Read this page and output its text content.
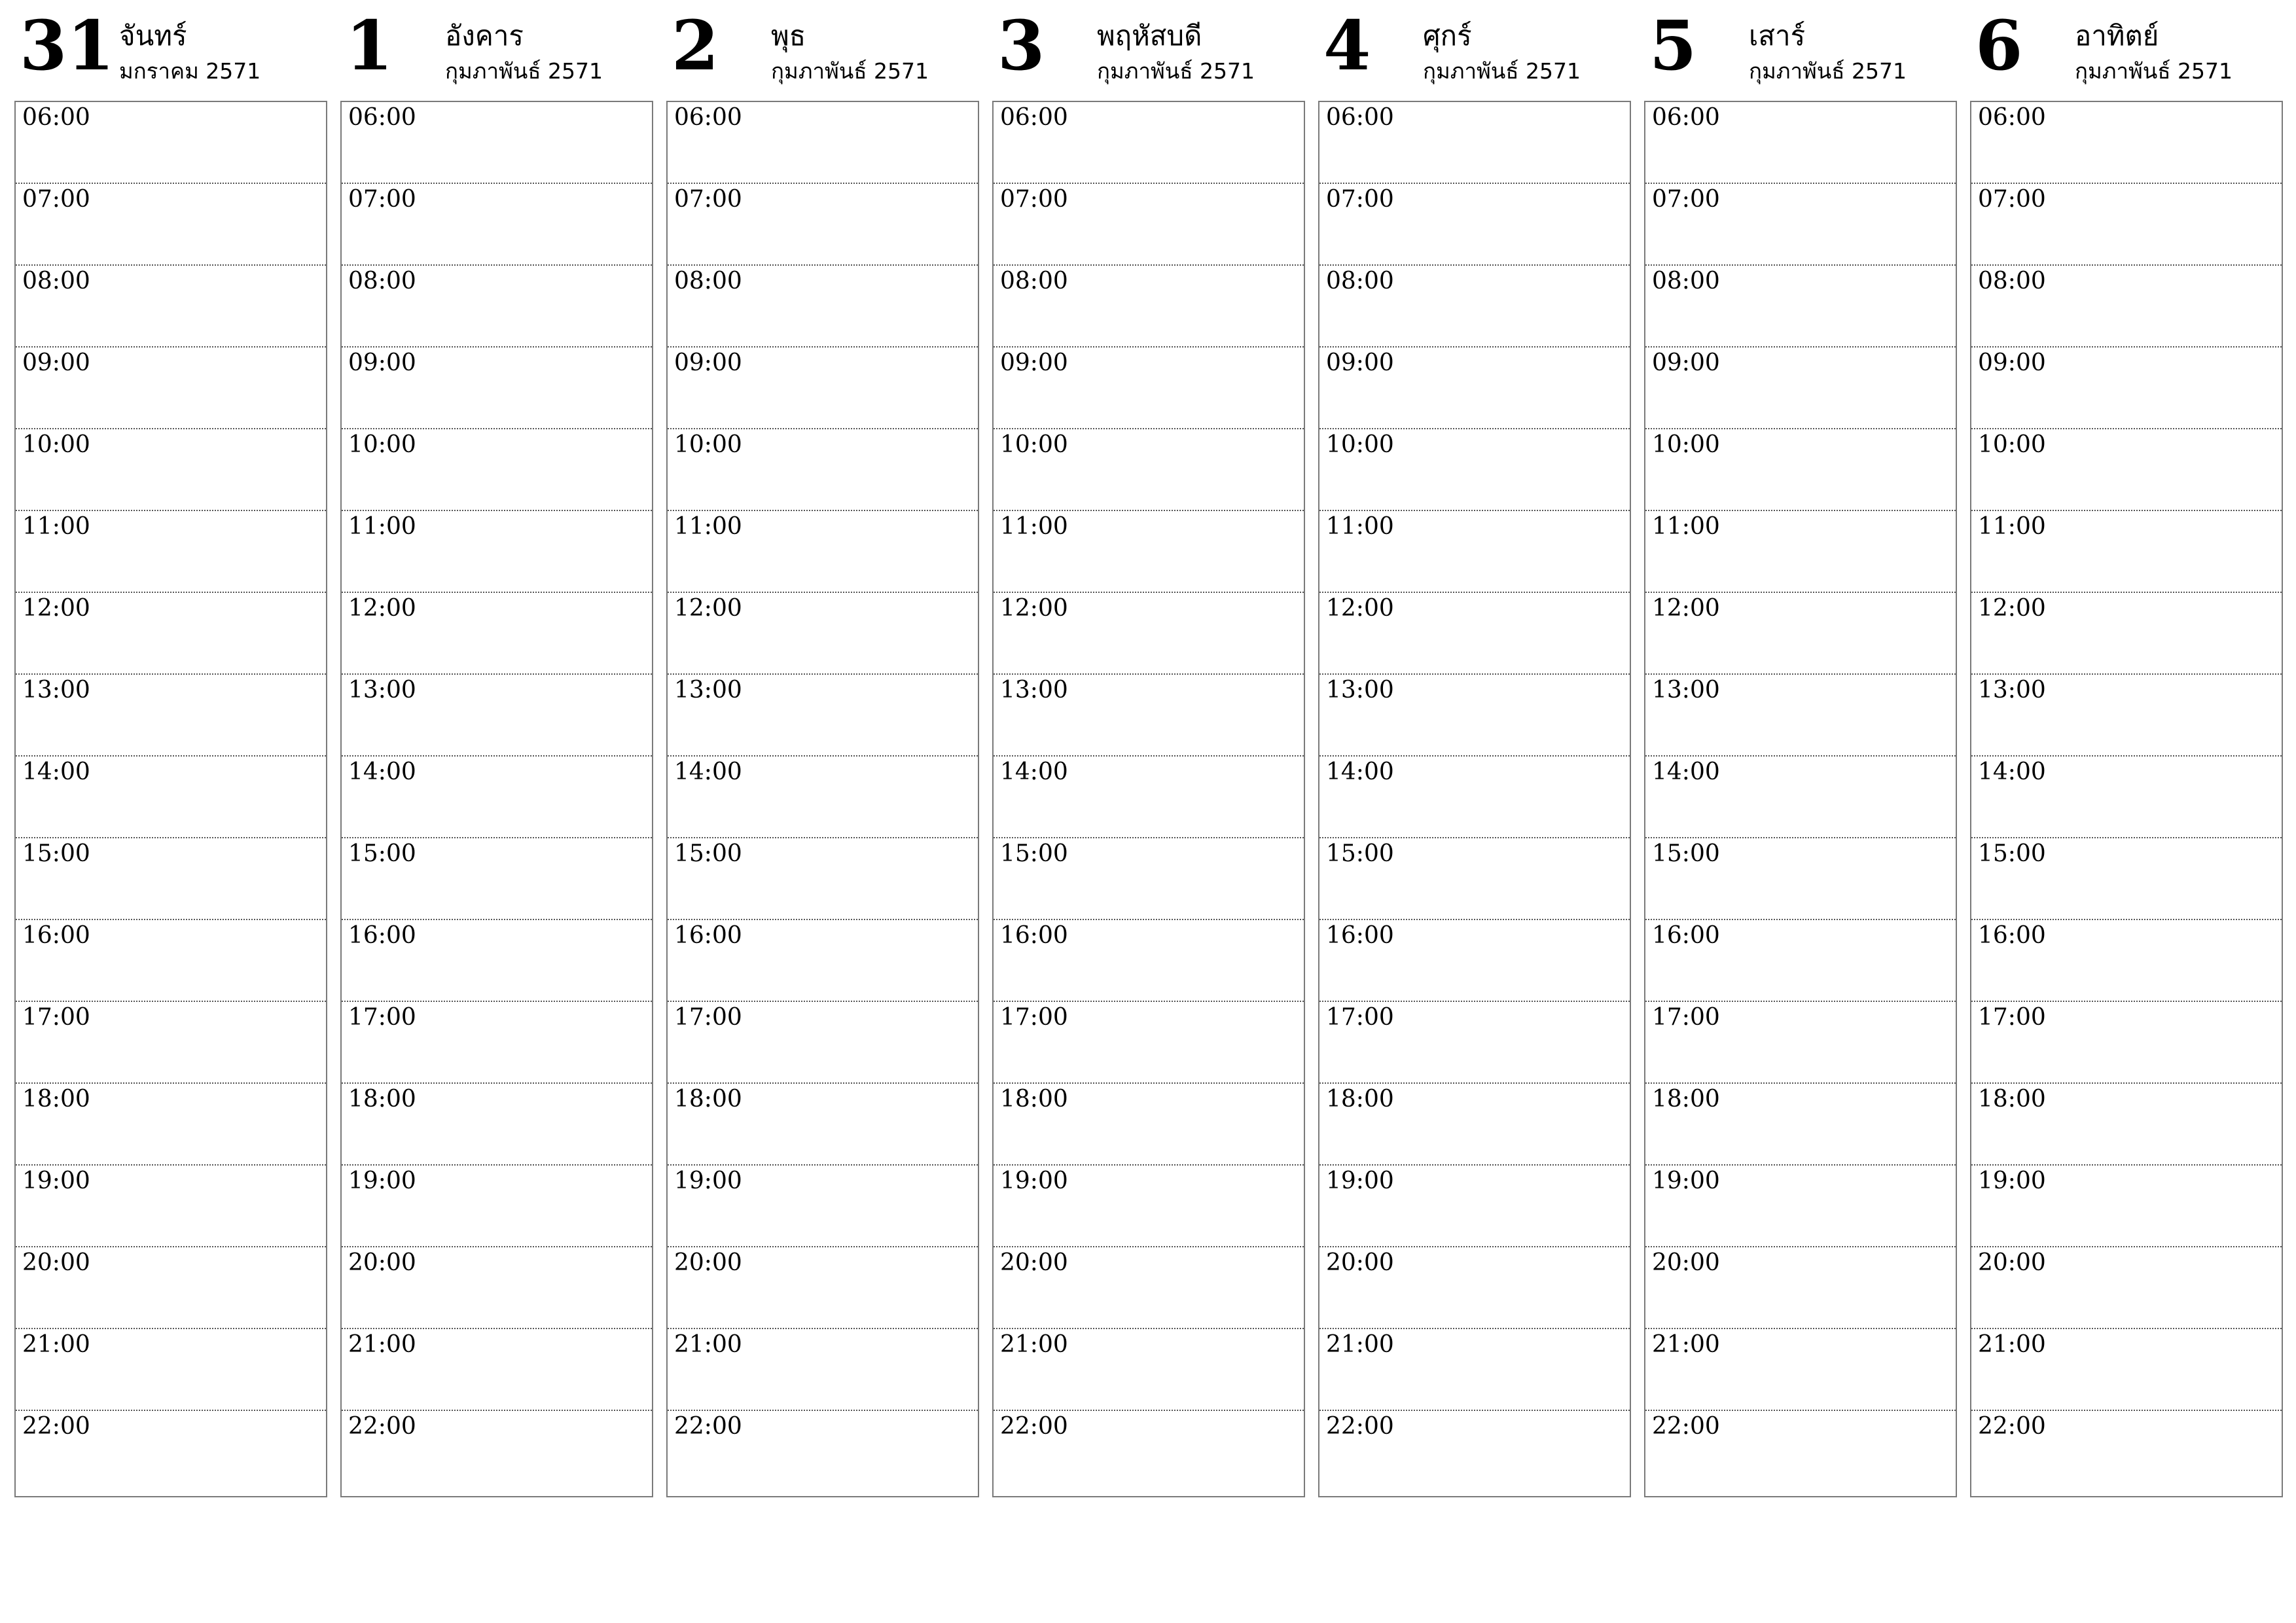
31 จันทร์
มกราคม 2571
06:00
07:00
08:00
09:00
10:00
11:00
12:00
13:00
14:00
15:00
16:00
17:00
18:00
19:00
20:00
21:00
22:00
1 อังคาร
กุมภาพันธ์ 2571
06:00
07:00
08:00
09:00
10:00
11:00
12:00
13:00
14:00
15:00
16:00
17:00
18:00
19:00
20:00
21:00
22:00
2 พุธ
กุมภาพันธ์ 2571
06:00
07:00
08:00
09:00
10:00
11:00
12:00
13:00
14:00
15:00
16:00
17:00
18:00
19:00
20:00
21:00
22:00
3 พฤหัสบดี
กุมภาพันธ์ 2571
06:00
07:00
08:00
09:00
10:00
11:00
12:00
13:00
14:00
15:00
16:00
17:00
18:00
19:00
20:00
21:00
22:00
4 ศุกร์
กุมภาพันธ์ 2571
06:00
07:00
08:00
09:00
10:00
11:00
12:00
13:00
14:00
15:00
16:00
17:00
18:00
19:00
20:00
21:00
22:00
5 เสาร์
กุมภาพันธ์ 2571
06:00
07:00
08:00
09:00
10:00
11:00
12:00
13:00
14:00
15:00
16:00
17:00
18:00
19:00
20:00
21:00
22:00
6 อาทิตย์
กุมภาพันธ์ 2571
06:00
07:00
08:00
09:00
10:00
11:00
12:00
13:00
14:00
15:00
16:00
17:00
18:00
19:00
20:00
21:00
22:00
